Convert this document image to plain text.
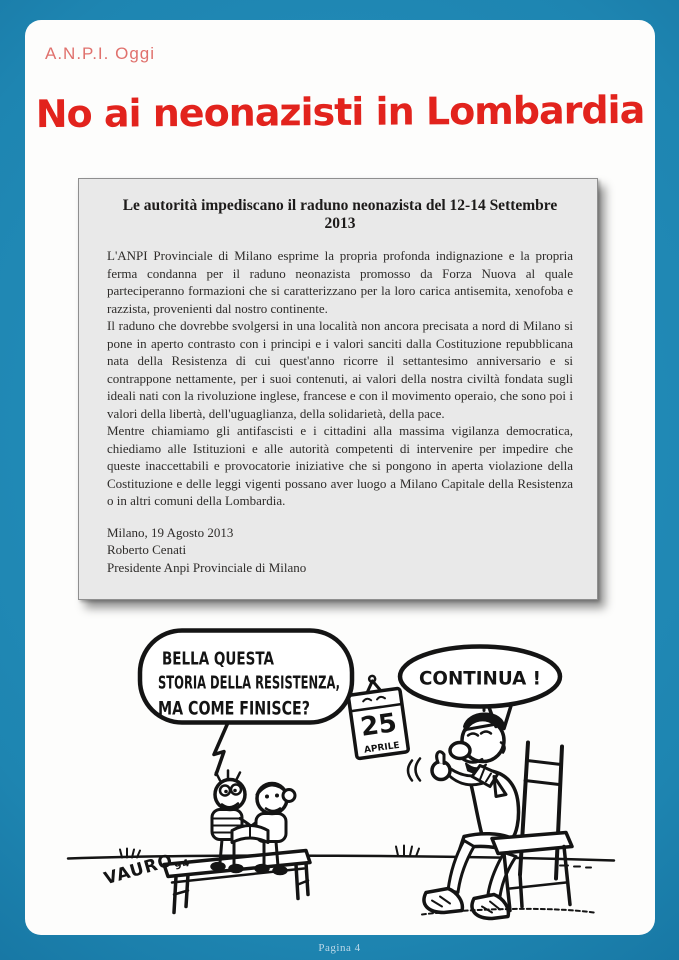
A.N.P.I. Oggi
No ai neonazisti in Lombardia
Le autorità impediscano il raduno neonazista del 12-14 Settembre 2013

L'ANPI Provinciale di Milano esprime la propria profonda indignazione e la propria ferma condanna per il raduno neonazista promosso da Forza Nuova al quale parteciperanno formazioni che si caratterizzano per la loro carica antisemita, xenofoba e razzista, provenienti dal nostro continente.

Il raduno che dovrebbe svolgersi in una località non ancora precisata a nord di Milano si pone in aperto contrasto con i principi e i valori sanciti dalla Costituzione repubblicana nata della Resistenza di cui quest'anno ricorre il settantesimo anniversario e si contrappone nettamente, per i suoi contenuti, ai valori della nostra civiltà fondata sugli ideali nati con la rivoluzione inglese, francese e con il movimento operaio, che sono poi i valori della libertà, dell'uguaglianza, della solidarietà, della pace.

Mentre chiamiamo gli antifascisti e i cittadini alla massima vigilanza democratica, chiediamo alle Istituzioni e alle autorità competenti di intervenire per impedire che queste inaccettabili e provocatorie iniziative che si pongono in aperta violazione della Costituzione e delle leggi vigenti possano aver luogo a Milano Capitale della Resistenza o in altri comuni della Lombardia.

Milano, 19 Agosto 2013
Roberto Cenati
Presidente Anpi Provinciale di Milano
25
APRILE
BELLA QUESTA
STORIA DELLA RESISTENZA,
MA COME FINISCE?
CONTINUA !
$VAURO_{94}$
Pagina 4
